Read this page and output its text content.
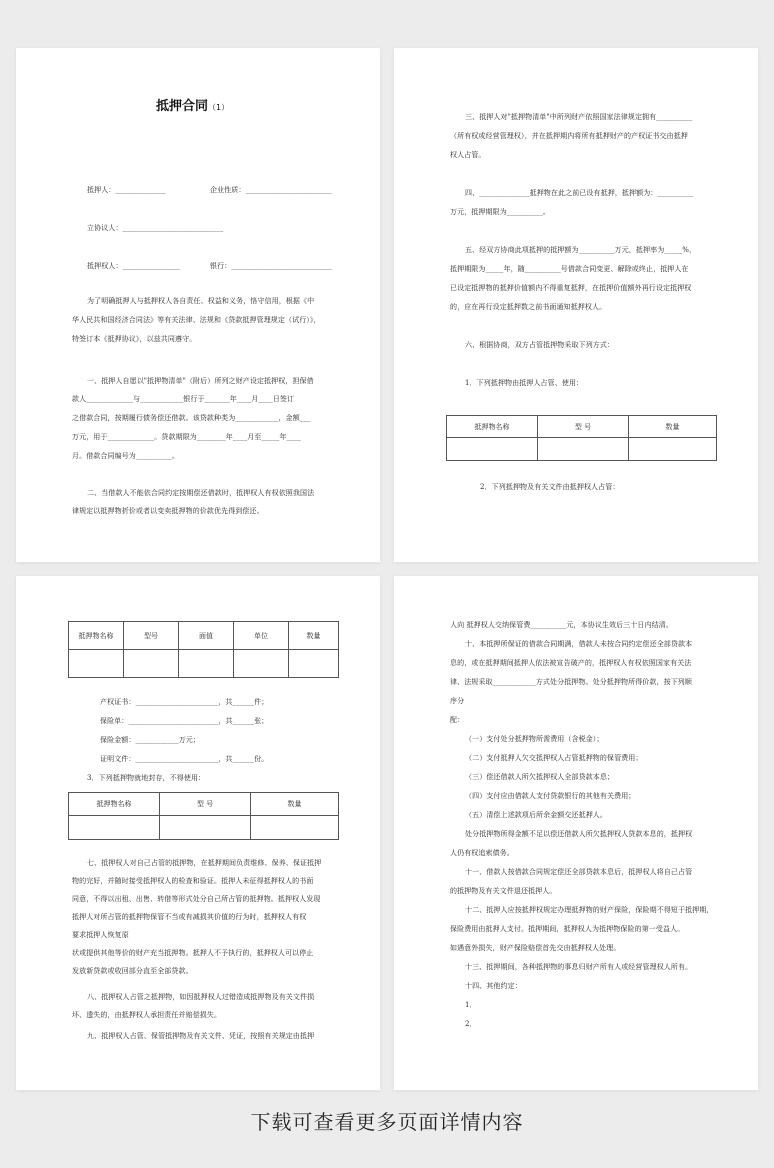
抵押合同（1）
抵押人：______________	企业性质：________________________
立协议人：____________________________
抵押权人：________________	银行：____________________________
为了明确抵押人与抵押权人各自责任、权益和义务，恪守信用，根据《中
华人民共和国经济合同法》等有关法律、法规和《贷款抵押管理规定（试行）》，
特签订本《抵押协议》，以兹共同遵守。
一、抵押人自愿以"抵押物清单"（附后）所列之财产设定抵押权，担保借
款人_____________与____________银行于_______年____月____日签订
之借款合同，按期履行债务偿还借款。该贷款种类为____________，金额___
万元，用于_____________。贷款期限为________年____月至_____年____
月。借款合同编号为__________。
二、当借款人不能依合同约定按期偿还借款时，抵押权人有权依照我国法
律规定以抵押物折价或者以变卖抵押物的价款优先得到偿还。
三、抵押人对"抵押物清单"中所列财产依照国家法律规定拥有__________
（所有权或经营管理权），并在抵押期内将所有抵押财产的产权证书交由抵押
权人占管。
四、______________抵押物在此之前已设有抵押，抵押额为：__________
万元，抵押期限为__________。
五、经双方协商此项抵押的抵押额为__________万元，抵押率为_____%，
抵押期限为_____年，随__________号借款合同变更、解除或终止，抵押人在
已设定抵押物的抵押价值额内不得重复抵押，在抵押价值额外再行设定抵押权
的，应在再行设定抵押数之前书面通知抵押权人。
六、根据协商，双方占管抵押物采取下列方式：
1．下列抵押物由抵押人占管、使用：
抵押物名称	型 号	数量

2．下列抵押物及有关文件由抵押权人占管：
抵押物名称	型号	面值	单位	数量

产权证书：_______________________，共______件；
保险单：_________________________，共______张；
保险金额：____________万元；
证明文件：_______________________，共______份。
3．下列抵押物就地封存，不得使用：
抵押物名称	型 号	数量

七、抵押权人对自己占管的抵押物，在抵押期间负责维修、保养、保证抵押
物的完好，并随时接受抵押权人的检查和验证。抵押人未征得抵押权人的书面
同意，不得以出租、出售、转借等形式处分自己所占管的抵押物。抵押权人发现
抵押人对所占管的抵押物保管不当或有减损其价值的行为时，抵押权人有权
要求抵押人恢复原
状或提供其他等价的财产充当抵押物。抵押人不予执行的，抵押权人可以停止
发放新贷款或收回部分直至全部贷款。
八、抵押权人占管之抵押物，如因抵押权人过错造成抵押物及有关文件损
坏、遗失的，由抵押权人承担责任并赔偿损失。
九、抵押权人占管、保管抵押物及有关文件、凭证，按照有关规定由抵押
人向 抵押权人交纳保管费__________元，本协议生效后三十日内结清。
十、本抵押所保证的借款合同期满，借款人未按合同约定偿还全部贷款本
息的，或在抵押期间抵押人依法被宣告破产的，抵押权人有权依照国家有关法
律、法规采取____________方式处分抵押物。处分抵押物所得价款，按下列顺
序分
配：
（一）支付处分抵押物所需费用（含税金）；
（二）支付抵押人欠交抵押权人占管抵押物的保管费用；
（三）偿还借款人所欠抵押权人全部贷款本息；
（四）支付应由借款人支付贷款银行的其他有关费用；
（五）清偿上述款项后所余金额交还抵押人。
处分抵押物所得金额不足以偿还借款人所欠抵押权人贷款本息的，抵押权
人仍有权追索债务。
十一、借款人按借款合同规定偿还全部贷款本息后，抵押权人将自己占管
的抵押物及有关文件退还抵押人。
十二、抵押人应按抵押权规定办理抵押物的财产保险，保险期不得短于抵押期，
保险费用由抵押人支付。抵押期间，抵押权人为抵押物保险的第一受益人。
如遇意外损失，财产保险赔偿首先交由抵押权人处理。
十三、抵押期间，各种抵押物的事息归财产所有人或经营管理权人所有。
十四、其他约定：
1．
2．
下载可查看更多页面详情内容
